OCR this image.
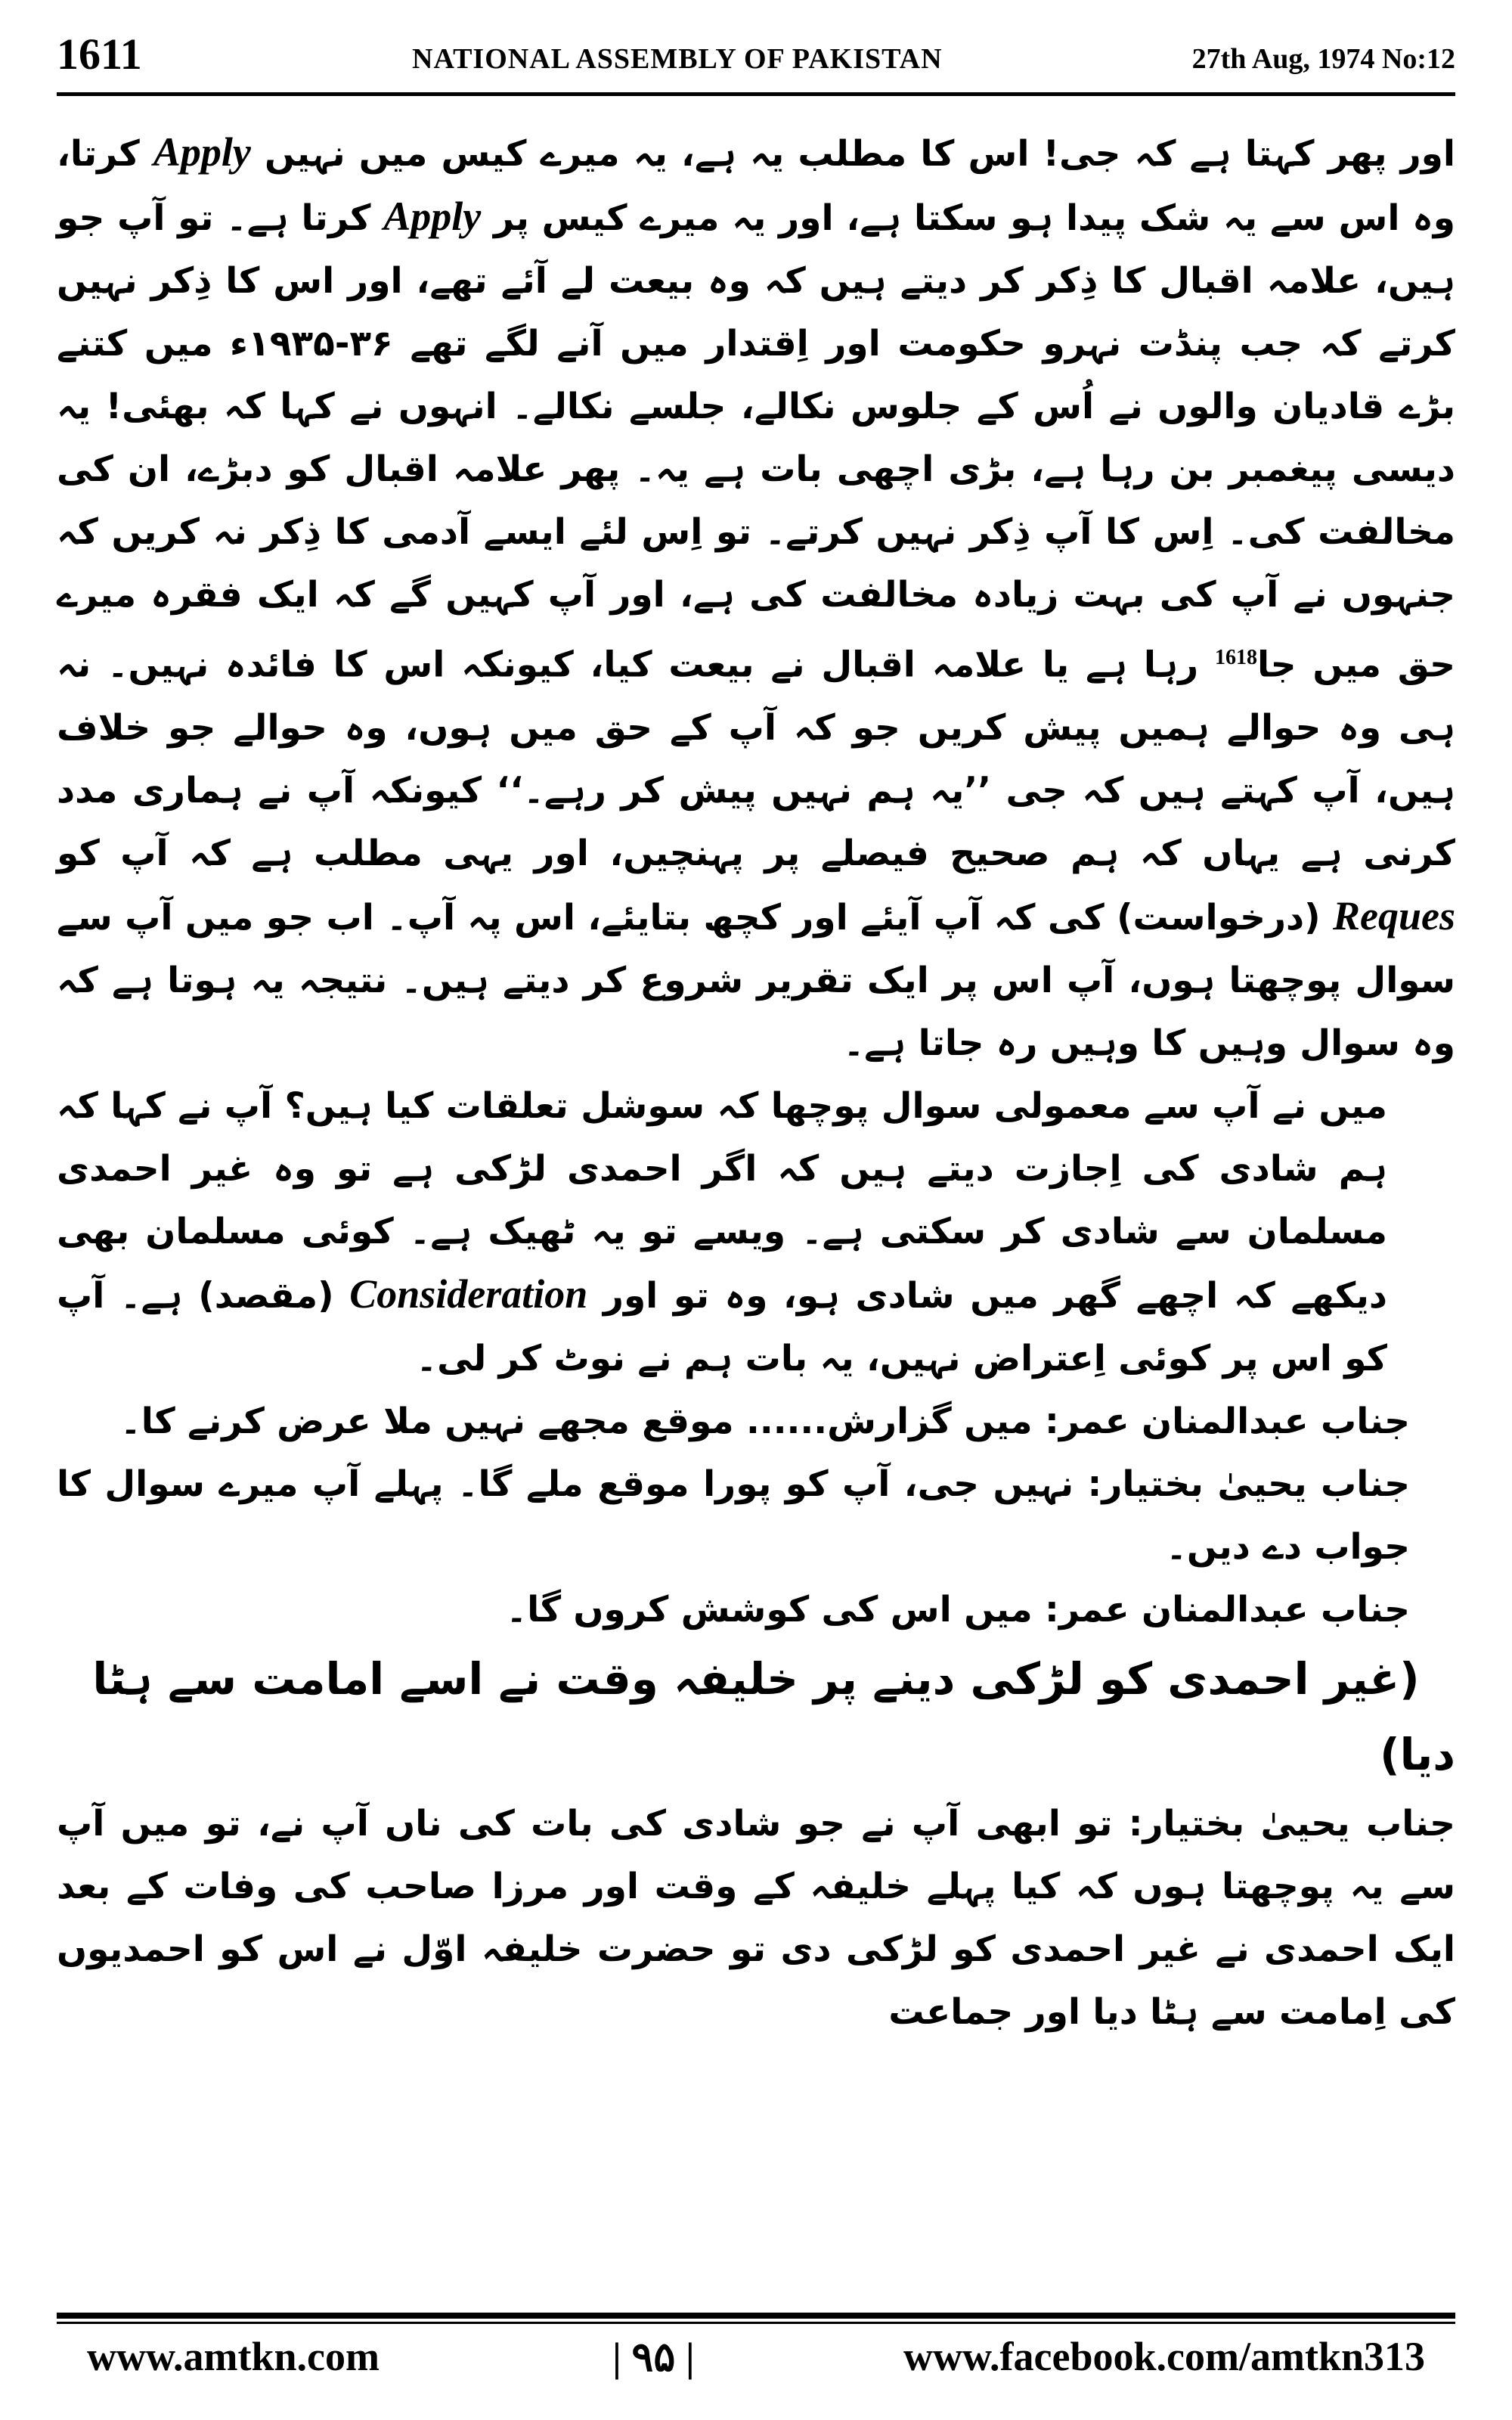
1611	NATIONAL ASSEMBLY OF PAKISTAN	27th Aug, 1974 No:12

اور پھر کہتا ہے کہ جی! اس کا مطلب یہ ہے، یہ میرے کیس میں نہیں Apply کرتا، وہ اس سے یہ شک پیدا ہو سکتا ہے، اور یہ میرے کیس پر Apply کرتا ہے۔ تو آپ جو ہیں، علامہ اقبال کا ذِکر کر دیتے ہیں کہ وہ بیعت لے آئے تھے، اور اس کا ذِکر نہیں کرتے کہ جب پنڈت نہرو حکومت اور اِقتدار میں آنے لگے تھے ۳۶-۱۹۳۵ء میں کتنے بڑے قادیان والوں نے اُس کے جلوس نکالے، جلسے نکالے۔ انہوں نے کہا کہ بھئی! یہ دیسی پیغمبر بن رہا ہے، بڑی اچھی بات ہے یہ۔ پھر علامہ اقبال کو دبڑے، ان کی مخالفت کی۔ اِس کا آپ ذِکر نہیں کرتے۔ تو اِس لئے ایسے آدمی کا ذِکر نہ کریں کہ جنہوں نے آپ کی بہت زیادہ مخالفت کی ہے، اور آپ کہیں گے کہ ایک فقرہ میرے حق میں جا$^{1618}$ رہا ہے یا علامہ اقبال نے بیعت کیا، کیونکہ اس کا فائدہ نہیں۔ نہ ہی وہ حوالے ہمیں پیش کریں جو کہ آپ کے حق میں ہوں، وہ حوالے جو خلاف ہیں، آپ کہتے ہیں کہ جی ’’یہ ہم نہیں پیش کر رہے۔‘‘ کیونکہ آپ نے ہماری مدد کرنی ہے یہاں کہ ہم صحیح فیصلے پر پہنچیں، اور یہی مطلب ہے کہ آپ کو Reques (درخواست) کی کہ آپ آیئے اور کچھ بتایئے، اس پہ آپ۔ اب جو میں آپ سے سوال پوچھتا ہوں، آپ اس پر ایک تقریر شروع کر دیتے ہیں۔ نتیجہ یہ ہوتا ہے کہ وہ سوال وہیں کا وہیں رہ جاتا ہے۔

میں نے آپ سے معمولی سوال پوچھا کہ سوشل تعلقات کیا ہیں؟ آپ نے کہا کہ ہم شادی کی اِجازت دیتے ہیں کہ اگر احمدی لڑکی ہے تو وہ غیر احمدی مسلمان سے شادی کر سکتی ہے۔ ویسے تو یہ ٹھیک ہے۔ کوئی مسلمان بھی دیکھے کہ اچھے گھر میں شادی ہو، وہ تو اور Consideration (مقصد) ہے۔ آپ کو اس پر کوئی اِعتراض نہیں، یہ بات ہم نے نوٹ کر لی۔

جناب عبدالمنان عمر: میں گزارش...... موقع مجھے نہیں ملا عرض کرنے کا۔

جناب یحییٰ بختیار: نہیں جی، آپ کو پورا موقع ملے گا۔ پہلے آپ میرے سوال کا جواب دے دیں۔

جناب عبدالمنان عمر: میں اس کی کوشش کروں گا۔

(غیر احمدی کو لڑکی دینے پر خلیفہ وقت نے اسے امامت سے ہٹا دیا)

جناب یحییٰ بختیار: تو ابھی آپ نے جو شادی کی بات کی ناں آپ نے، تو میں آپ سے یہ پوچھتا ہوں کہ کیا پہلے خلیفہ کے وقت اور مرزا صاحب کی وفات کے بعد ایک احمدی نے غیر احمدی کو لڑکی دی تو حضرت خلیفہ اوّل نے اس کو احمدیوں کی اِمامت سے ہٹا دیا اور جماعت

www.amtkn.com	| ۹۵ |	www.facebook.com/amtkn313
